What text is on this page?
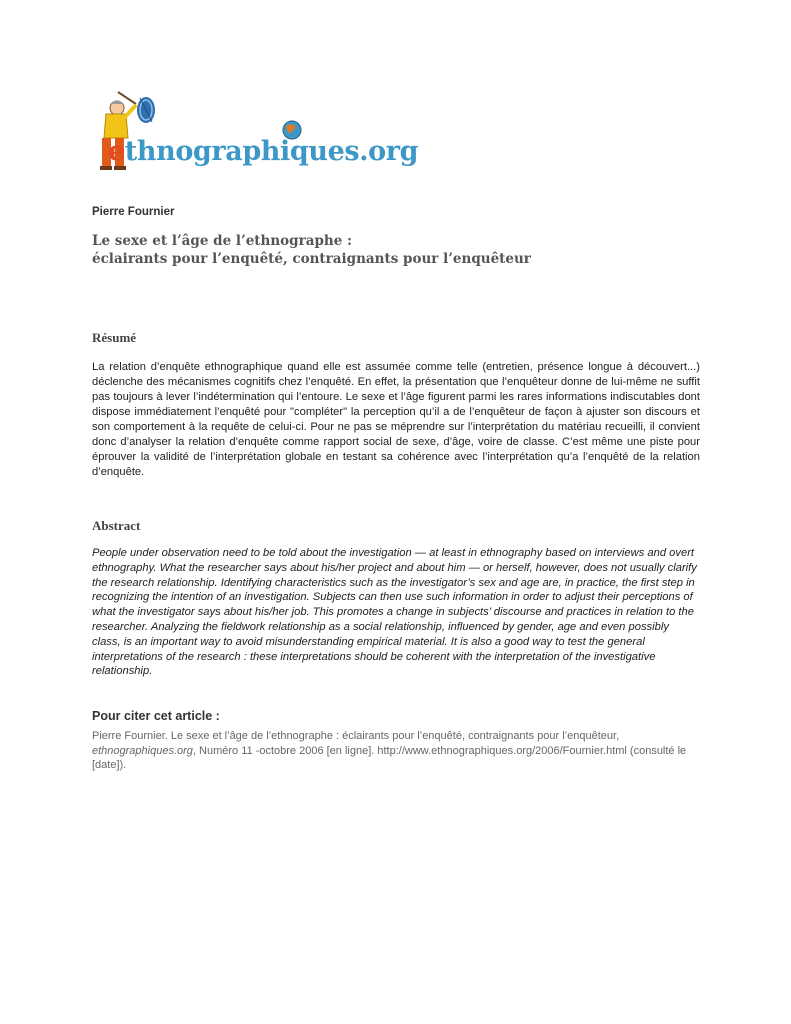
ethnographiques.org
Pierre Fournier
Le sexe et l’âge de l’ethnographe :
éclairants pour l’enquêté, contraignants pour l’enquêteur
Résumé

La relation d’enquête ethnographique quand elle est assumée comme telle (entretien, présence longue à découvert...) déclenche des mécanismes cognitifs chez l’enquêté. En effet, la présentation que l’enquêteur donne de lui-même ne suffit pas toujours à lever l’indétermination qui l’entoure. Le sexe et l’âge figurent parmi les rares informations indiscutables dont dispose immédiatement l’enquêté pour "compléter" la perception qu’il a de l’enquêteur de façon à ajuster son discours et son comportement à la requête de celui-ci. Pour ne pas se méprendre sur l’interprétation du matériau recueilli, il convient donc d’analyser la relation d’enquête comme rapport social de sexe, d’âge, voire de classe. C’est même une piste pour éprouver la validité de l’interprétation globale en testant sa cohérence avec l’interprétation qu’a l’enquêté de la relation d’enquête.

Abstract

People under observation need to be told about the investigation — at least in ethnography based on interviews and overt ethnography. What the researcher says about his/her project and about him — or herself, however, does not usually clarify the research relationship. Identifying characteristics such as the investigator’s sex and age are, in practice, the first step in recognizing the intention of an investigation. Subjects can then use such information in order to adjust their perceptions of what the investigator says about his/her job. This promotes a change in subjects’ discourse and practices in relation to the researcher. Analyzing the fieldwork relationship as a social relationship, influenced by gender, age and even possibly class, is an important way to avoid misunderstanding empirical material. It is also a good way to test the general interpretations of the research : these interpretations should be coherent with the interpretation of the investigative relationship.

Pour citer cet article :

Pierre Fournier. Le sexe et l’âge de l’ethnographe : éclairants pour l’enquêté, contraignants pour l’enquêteur, ethnographiques.org, Numéro 11 -octobre 2006 [en ligne]. http://www.ethnographiques.org/2006/Fournier.html (consulté le [date]).
